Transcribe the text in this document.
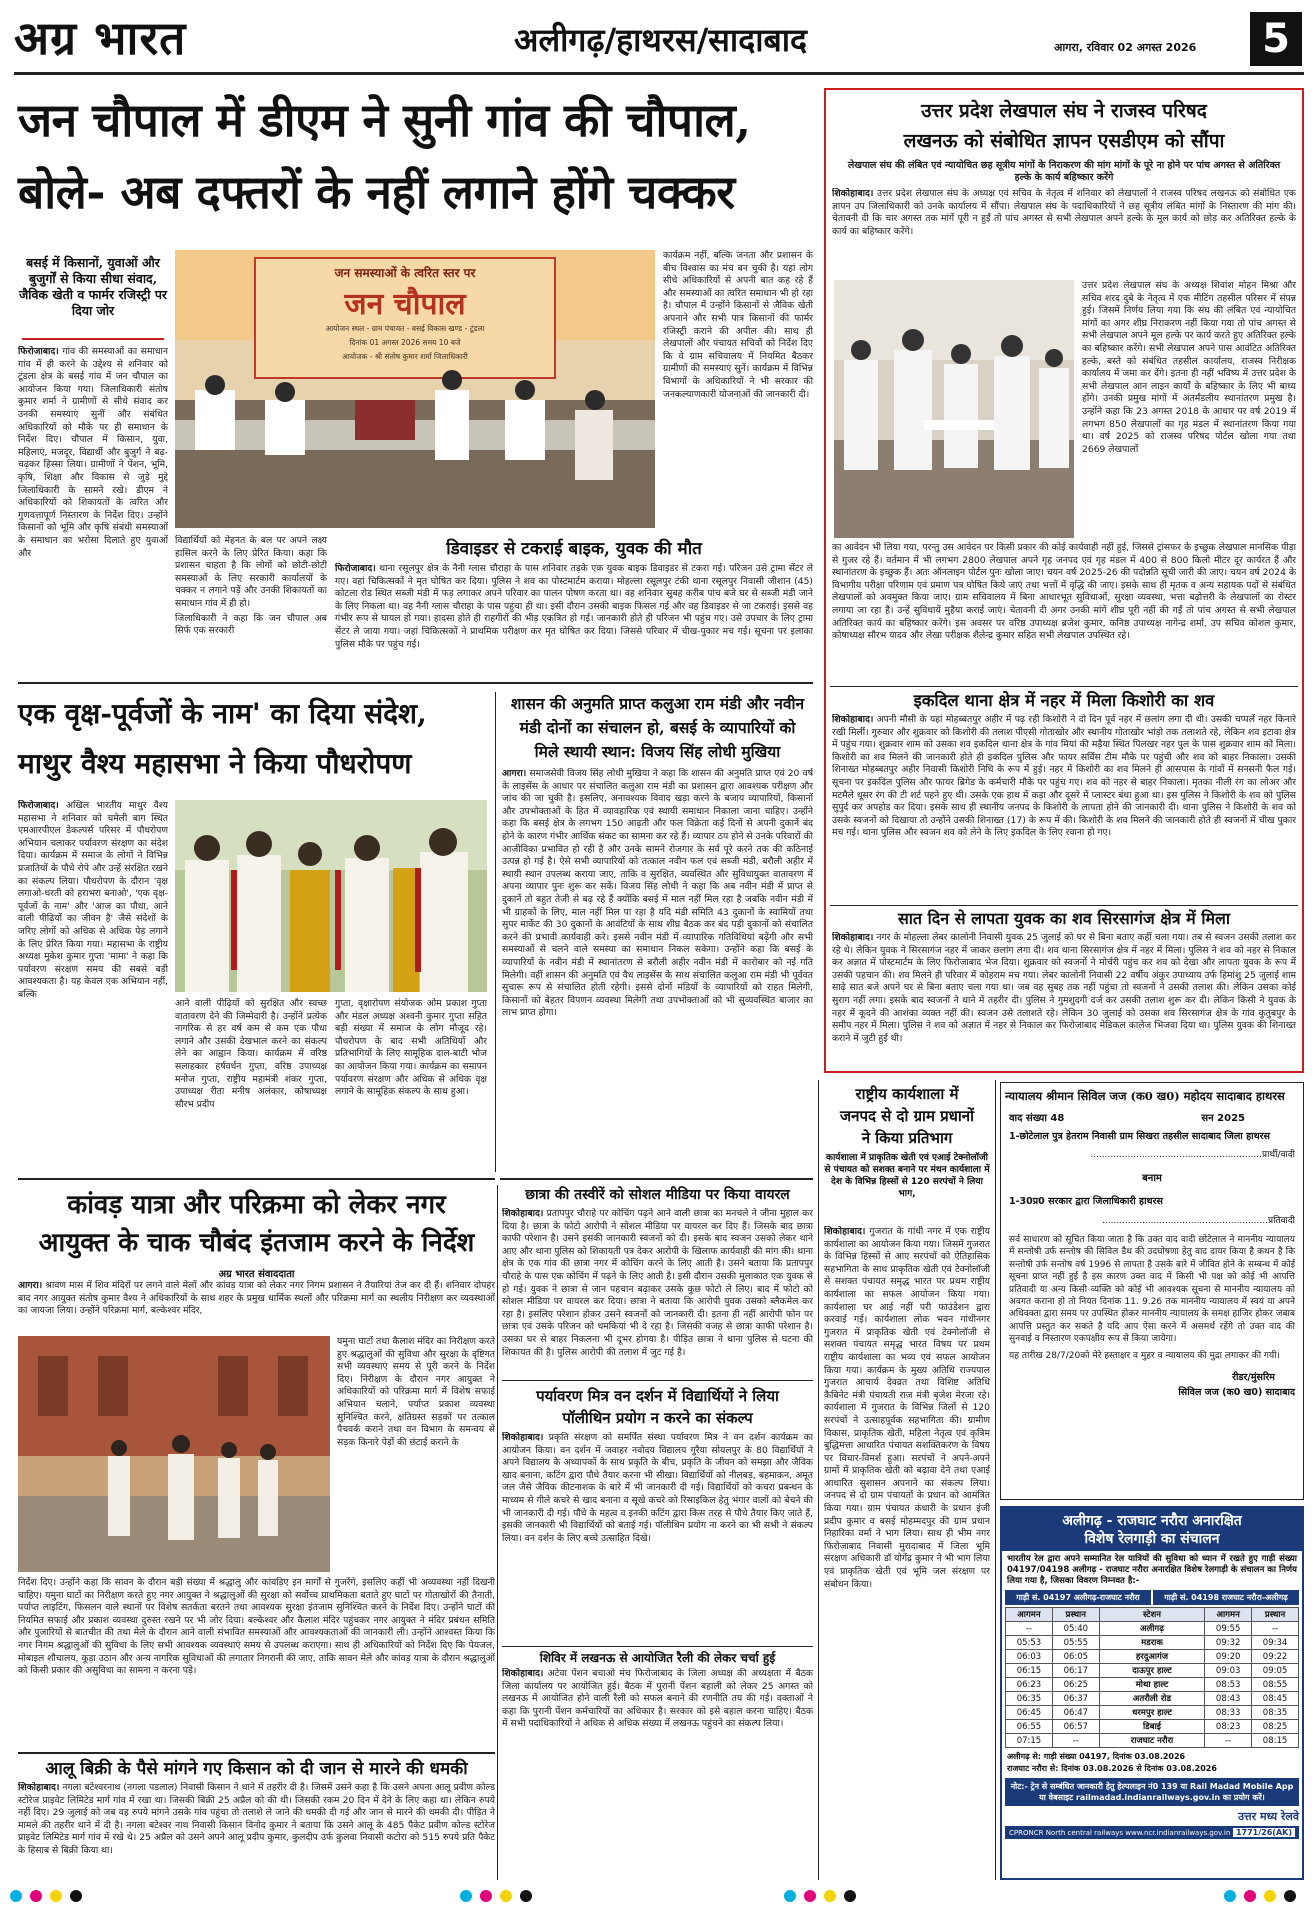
अग्र भारत	अलीगढ़/हाथरस/सादाबाद	आगरा, रविवार 02 अगस्त 2026	5
जन चौपाल में डीएम ने सुनी गांव की चौपाल,
बोले- अब दफ्तरों के नहीं लगाने होंगे चक्कर
बसई में किसानों, युवाओं और बुजुर्गों से किया सीधा संवाद, जैविक खेती व फार्मर रजिस्ट्री पर दिया जोर

फिरोजाबाद। गांव की समस्याओं का समाधान गांव में ही करने के उद्देश्य से शनिवार को टूंडला क्षेत्र के बसई गांव में जन चौपाल का आयोजन किया गया। जिलाधिकारी संतोष कुमार शर्मा ने ग्रामीणों से सीधे संवाद कर उनकी समस्याएं सुनीं और संबंधित अधिकारियों को मौके पर ही समाधान के निर्देश दिए। चौपाल में किसान, युवा, महिलाएं, मजदूर, विद्यार्थी और बुजुर्ग ने बढ़-चढ़कर हिस्सा लिया। ग्रामीणों ने पेंशन, भूमि, कृषि, शिक्षा और विकास से जुड़े मुद्दे जिलाधिकारी के सामने रखे। डीएम ने अधिकारियों को शिकायतों के त्वरित और गुणवत्तापूर्ण निस्तारण के निर्देश दिए। उन्होंने किसानों को भूमि और कृषि संबंधी समस्याओं के समाधान का भरोसा दिलाते हुए युवाओं और

जन समस्याओं के त्वरित स्तर पर
जन चौपाल
आयोजन स्थल - ग्राम पंचायत - बसई विकास खण्ड - टूंडला
दिनांक 01 अगस्त 2026 समय 10 बजे
आयोजक - श्री संतोष कुमार शर्मा जिलाधिकारी

विद्यार्थियों को मेहनत के बल पर अपने लक्ष्य हासिल करने के लिए प्रेरित किया। कहा कि प्रशासन चाहता है कि लोगों को छोटी-छोटी समस्याओं के लिए सरकारी कार्यालयों के चक्कर न लगाने पड़ें और उनकी शिकायतों का समाधान गांव में ही हो।

जिलाधिकारी ने कहा कि जन चौपाल अब सिर्फ एक सरकारी

कार्यक्रम नहीं, बल्कि जनता और प्रशासन के बीच विश्वास का मंच बन चुकी है। यहां लोग सीधे अधिकारियों से अपनी बात कह रहे हैं और समस्याओं का त्वरित समाधान भी हो रहा है। चौपाल में उन्होंने किसानों से जैविक खेती अपनाने और सभी पात्र किसानों की फार्मर रजिस्ट्री कराने की अपील की। साथ ही लेखपालों और पंचायत सचिवों को निर्देश दिए कि वे ग्राम सचिवालय में नियमित बैठकर ग्रामीणों की समस्याएं सुनें। कार्यक्रम में विभिन्न विभागों के अधिकारियों ने भी सरकार की जनकल्याणकारी योजनाओं की जानकारी दी।

डिवाइडर से टकराई बाइक, युवक की मौत

फिरोजाबाद। थाना रसूलपुर क्षेत्र के नैनी ग्लास चौराहा के पास शनिवार तड़के एक युवक बाइक डिवाइडर से टकरा गई। परिजन उसे ट्रामा सेंटर ले गए। वहां चिकित्सकों ने मृत घोषित कर दिया। पुलिस ने शव का पोस्टमार्टम कराया। मोहल्ला रसूलपुर टंकी थाना रसूलपुर निवासी जीशान (45) कोटला रोड स्थित सब्जी मंडी में फड़ लगाकर अपने परिवार का पालन पोषण करता था। वह शनिवार सुबह करीब पांच बजे घर से सब्जी मंडी जाने के लिए निकला था। वह नैनी ग्लास चौराहा के पास पहुंचा ही था। इसी दौरान उसकी बाइक फिसल गई और वह डिवाइडर से जा टकराई। इससे वह गंभीर रूप से घायल हो गया। हादसा होते ही राहगीरों की भीड़ एकत्रित हो गई। जानकारी होते ही परिजन भी पहुंच गए। उसे उपचार के लिए ट्रामा सेंटर ले जाया गया। जहां चिकित्सकों ने प्राथमिक परीक्षण कर मृत घोषित कर दिया। जिससे परिवार में चीख-पुकार मच गई। सूचना पर इलाका पुलिस मौके पर पहुंच गई।

एक वृक्ष-पूर्वजों के नाम' का दिया संदेश,
माथुर वैश्य महासभा ने किया पौधरोपण

फिरोजाबाद। अखिल भारतीय माथुर वैश्य महासभा ने शनिवार को चमेली बाग स्थित एमआरपीएल डेकल्पर्स परिसर में पौधरोपण अभियान चलाकर पर्यावरण संरक्षण का संदेश दिया। कार्यक्रम में समाज के लोगों ने विभिन्न प्रजातियों के पौधे रोपे और उन्हें संरक्षित रखने का संकल्प लिया। पौधरोपण के दौरान 'वृक्ष लगाओ-धरती को हराभरा बनाओ', 'एक वृक्ष-पूर्वजों के नाम' और 'आज का पौधा, आने वाली पीढ़ियों का जीवन है' जैसे संदेशों के जरिए लोगों को अधिक से अधिक पेड़ लगाने के लिए प्रेरित किया गया। महासभा के राष्ट्रीय अध्यक्ष मुकेश कुमार गुप्ता 'मामा' ने कहा कि पर्यावरण संरक्षण समय की सबसे बड़ी आवश्यकता है। यह केवल एक अभियान नहीं, बल्कि

आने वाली पीढ़ियों को सुरक्षित और स्वच्छ वातावरण देने की जिम्मेदारी है। उन्होंने प्रत्येक नागरिक से हर वर्ष कम से कम एक पौधा लगाने और उसकी देखभाल करने का संकल्प लेने का आह्वान किया। कार्यक्रम में वरिष्ठ सलाहकार हर्षवर्धन गुप्ता, वरिष्ठ उपाध्यक्ष मनोज गुप्ता, राष्ट्रीय महामंत्री शंकर गुप्ता, उपाध्यक्ष रीता मनीष अलंकार, कोषाध्यक्ष सौरभ प्रदीप

गुप्ता, वृक्षारोपण संयोजक ओम प्रकाश गुप्ता और मंडल अध्यक्ष अश्वनी कुमार गुप्ता सहित बड़ी संख्या में समाज के लोग मौजूद रहे। पौधरोपण के बाद सभी अतिथियों और प्रतिभागियों के लिए सामूहिक दाल-बाटी भोज का आयोजन किया गया। कार्यक्रम का समापन पर्यावरण संरक्षण और अधिक से अधिक वृक्ष लगाने के सामूहिक संकल्प के साथ हुआ।

शासन की अनुमति प्राप्त कलुआ राम मंडी और नवीन
मंडी दोनों का संचालन हो, बसई के व्यापारियों को
मिले स्थायी स्थान: विजय सिंह लोधी मुखिया

आगरा। समाजसेवी विजय सिंह लोधी मुखिया ने कहा कि शासन की अनुमति प्राप्त एवं 20 वर्ष के लाइसेंस के आधार पर संचालित कलुआ राम मंडी का प्रशासन द्वारा आवश्यक परीक्षण और जांच की जा चुकी है। इसलिए, अनावश्यक विवाद खड़ा करने के बजाय व्यापारियों, किसानों और उपभोक्ताओं के हित में व्यावहारिक एवं स्थायी समाधान निकाला जाना चाहिए। उन्होंने कहा कि बसई क्षेत्र के लगभग 150 आढ़ती और फल विक्रेता कई दिनों से अपनी दुकानें बंद होने के कारण गंभीर आर्थिक संकट का सामना कर रहे हैं। व्यापार ठप होने से उनके परिवारों की आजीविका प्रभावित हो रही है और उनके सामने रोजगार के सर्व पूरे करने तक की कठिनाई उत्पन्न हो गई है। ऐसे सभी व्यापारियों को तत्काल नवीन फल एवं सब्जी मंडी, बरौली अहीर में स्थायी स्थान उपलब्ध कराया जाए, ताकि व सुरक्षित, व्यवस्थित और सुविधायुक्त वातावरण में अपना व्यापार पुनः शुरू कर सकें। विजय सिंह लोधी ने कहा कि अब नवीन मंडी में प्राप्त से दुकानें तो बहुत तेजी से बढ़ रहे हैं क्योंकि बसई में माल नहीं मिल रहा है जबकि नवीन मंडी में भी ग्राहकों के लिए, माल नहीं मिल पा रहा है यदि मंडी समिति 43 दुकानों के स्वामियों तथा सुपर मार्केट की 30 दुकानों के आवंटियों के साथ शीघ्र बैठक कर बंद पड़ी दुकानों को संचालित करने की प्रभावी कार्यवाही करे। इससे नवीन मंडी में व्यापारिक गतिविधियां बढ़ेंगी और सभी समस्याओं से चलने वाले समस्या का समाधान निकल सकेगा। उन्होंने कहा कि बसई के व्यापारियों के नवीन मंडी में स्थानांतरण से बरौली अहीर नवीन मंडी में कारोबार को नई गति मिलेगी। वहीं शासन की अनुमति एवं वैध लाइसेंस के साथ संचालित कलुआ राम मंडी भी पूर्ववत सुचारू रूप से संचालित होती रहेगी। इससे दोनों मंडियों के व्यापारियों को राहत मिलेगी, किसानों को बेहतर विपणन व्यवस्था मिलेगी तथा उपभोक्ताओं को भी सुव्यवस्थित बाजार का लाभ प्राप्त होगा।

कांवड़ यात्रा और परिक्रमा को लेकर नगर
आयुक्त के चाक चौबंद इंतजाम करने के निर्देश
अग्र भारत संवाददाता

आगरा। श्रावण मास में शिव मंदिरों पर लगने वाले मेलों और कांवड़ यात्रा को लेकर नगर निगम प्रशासन ने तैयारियां तेज कर दी हैं। शनिवार दोपहर बाद नगर आयुक्त संतोष कुमार वैश्य ने अधिकारियों के साथ शहर के प्रमुख धार्मिक स्थलों और परिक्रमा मार्ग का स्थलीय निरीक्षण कर व्यवस्थाओं का जायजा लिया। उन्होंने परिक्रमा मार्ग, बल्केश्वर मंदिर,

यमुना घाटों तथा कैलाश मंदिर का निरीक्षण करते हुए श्रद्धालुओं की सुविधा और सुरक्षा के दृष्टिगत सभी व्यवस्थाएं समय से पूरी करने के निर्देश दिए। निरीक्षण के दौरान नगर आयुक्त ने अधिकारियों को परिक्रमा मार्ग में विशेष सफाई अभियान चलाने, पर्याप्त प्रकाश व्यवस्था सुनिश्चित करने, क्षतिग्रस्त सड़कों पर तत्काल पैचवर्क कराने तथा वन विभाग के समन्वय से सड़क किनारे पेड़ों की छंटाई कराने के

निर्देश दिए। उन्होंने कहा कि सावन के दौरान बड़ी संख्या में श्रद्धालु और कांवड़िए इन मार्गों से गुजरेंगे, इसलिए कहीं भी अव्यवस्था नहीं दिखनी चाहिए। यमुना घाटों का निरीक्षण करते हुए नगर आयुक्त ने श्रद्धालुओं की सुरक्षा को सर्वोच्च प्राथमिकता बताते हुए घाटों पर गोताखोरों की तैनाती, पर्याप्त लाइटिंग, फिसलन वाले स्थानों पर विशेष सतर्कता बरतने तथा आवश्यक सुरक्षा इंतजाम सुनिश्चित करने के निर्देश दिए। उन्होंने घाटों की नियमित सफाई और प्रकाश व्यवस्था दुरुस्त रखने पर भी जोर दिया। बल्केश्वर और कैलाश मंदिर पहुंचकर नगर आयुक्त ने मंदिर प्रबंधन समिति और पुजारियों से बातचीत की तथा मेले के दौरान आने वाली संभावित समस्याओं और आवश्यकताओं की जानकारी ली। उन्होंने आश्वस्त किया कि नगर निगम श्रद्धालुओं की सुविधा के लिए सभी आवश्यक व्यवस्थाएं समय से उपलब्ध कराएगा। साथ ही अधिकारियों को निर्देश दिए कि पेयजल, मोबाइल शौचालय, कूड़ा उठान और अन्य नागरिक सुविधाओं की लगातार निगरानी की जाए, ताकि सावन मेले और कांवड़ यात्रा के दौरान श्रद्धालुओं को किसी प्रकार की असुविधा का सामना न करना पड़े।

आलू बिक्री के पैसे मांगने गए किसान को दी जान से मारने की धमकी

शिकोहाबाद। नगला बटेश्वरनाथ (नगला पडलाल) निवासी किसान ने थाने में तहरीर दी है। जिसमें उसने कहा है कि उसने अपना आलू प्रवीण कोल्ड स्टोरेज प्राइवेट लिमिटेड मार्ग गांव में रखा था। जिसकी बिक्री 25 अप्रैल को की थी। जिसकी रकम 20 दिन में देने के लिए कहा था। लेकिन रुपये नहीं दिए। 29 जुलाई को जब वह रुपये मांगने उसके गांव पहुंचा तो तलाशे ले जाने की धमकी दी गई और जान से मारने की धमकी दी। पीड़ित ने मामले की तहरीर थाने में दी है। नगला बटेश्वर नाथ निवासी किसान विनोद कुमार ने बताया कि उसने आलू के 485 पैकेट प्रवीण कोल्ड स्टोरेज प्राइवेट लिमिटेड मार्ग गांव में रखे थे। 25 अप्रैल को उसने अपने आलू प्रदीप कुमार, कुलदीप उर्फ कुलवा निवासी कटोरा को 515 रुपये प्रति पैकेट के हिसाब से बिक्री किया था।

छात्रा की तस्वीरें को सोशल मीडिया पर किया वायरल

शिकोहाबाद। प्रतापपुर चौराहे पर कोचिंग पढ़ने आने वाली छात्रा का मनचले ने जीना मुहाल कर दिया है। छात्रा के फोटो आरोपी ने सोशल मीडिया पर वायरल कर दिए हैं। जिसके बाद छात्रा काफी परेशान है। उसने इसकी जानकारी स्वजनों को दी। इसके बाद स्वजन उसको लेकर थाने आए और थाना पुलिस को शिकायती पत्र देकर आरोपी के खिलाफ कार्यवाही की मांग की। थाना क्षेत्र के एक गांव की छात्रा नगर में कोचिंग करने के लिए आती है। उसने बताया कि प्रतापपुर चौराहे के पास एक कोचिंग में पढ़ने के लिए आती है। इसी दौरान उसकी मुलाकात एक युवक से हो गई। युवक ने छात्रा से जान पहचान बढ़ाकर उसके कुछ फोटो ले लिए। बाद में फोटो को सोशल मीडिया पर वायरल कर दिया। छात्रा ने बताया कि आरोपी युवक उसको ब्लैकमेल कर रहा है। इसलिए परेशान होकर उसने स्वजनों को जानकारी दी। इतना ही नहीं आरोपी फोन पर छात्रा एवं उसके परिजन को धमकियां भी दे रहा है। जिसकी वजह से छात्रा काफी परेशान है। उसका घर से बाहर निकलना भी दूभर होगया है। पीड़ित छात्रा ने थाना पुलिस से घटना की शिकायत की है। पुलिस आरोपी की तलाश में जुट गई है।

पर्यावरण मित्र वन दर्शन में विद्यार्थियों ने लिया
पॉलीथिन प्रयोग न करने का संकल्प

शिकोहाबाद। प्रकृति संरक्षण को समर्पित संस्था पर्यावरण मित्र ने वन दर्शन कार्यक्रम का आयोजन किया। वन दर्शन में जवाहर नवोदय विद्यालय गुरैया सोयलपुर के 80 विद्यार्थियों ने अपने विद्यालय के अध्यापकों के साथ प्रकृति के बीच, प्रकृति के जीवन को समझा और जैविक खाद बनाना, कटिंग द्वारा पौधे तैयार करना भी सीखा। विद्यार्थियों को नीलबड़, बहमाकन, अमूत जल जैसे जैविक कीटनाशक के बारे में भी जानकारी दी गई। विद्यार्थियों को कचरा प्रबन्धन के माध्यम से गीले कचरे से खाद बनाना व सूखे कचरे को रिसाइकिल हेतु भंगार वालों को बेचने की भी जानकारी दी गई। पौधे के महत्व व इनकी कटिंग द्वारा किस तरह से पौधे तैयार किए जाते हैं, इसकी जानकारी भी विद्यार्थियों को बताई गई। पॉलीथिन प्रयोग ना करने का भी सभी ने संकल्प लिया। वन दर्शन के लिए बच्चे उत्साहित दिखे।

शिविर में लखनऊ से आयोजित रैली की लेकर चर्चा हुई

शिकोहाबाद। अटेवा पेंशन बचाओ मंच फिरोजाबाद के जिला अध्यक्ष की अध्यक्षता में बैठक जिला कार्यालय पर आयोजित हुई। बैठक में पुरानी पेंशन बहाली को लेकर 25 अगस्त को लखनऊ में आयोजित होने वाली रैली को सफल बनाने की रणनीति तय की गई। वक्ताओं ने कहा कि पुरानी पेंशन कर्मचारियों का अधिकार है। सरकार को इसे बहाल करना चाहिए। बैठक में सभी पदाधिकारियों ने अधिक से अधिक संख्या में लखनऊ पहुंचने का संकल्प लिया।

उत्तर प्रदेश लेखपाल संघ ने राजस्व परिषद
लखनऊ को संबोधित ज्ञापन एसडीएम को सौंपा
लेखपाल संघ की लंबित एवं न्यायोचित छह सूत्रीय मांगों के निराकरण की मांग मांगों के पूरे ना होने पर पांच अगस्त से अतिरिक्त हल्के के कार्य बहिष्कार करेंगे

शिकोहाबाद। उत्तर प्रदेश लेखपाल संघ के अध्यक्ष एवं सचिव के नेतृत्व में शनिवार को लेखपालों ने राजस्व परिषद लखनऊ को संबोधित एक ज्ञापन उप जिलाधिकारी को उनके कार्यालय में सौंपा। लेखपाल संघ के पदाधिकारियों ने छह सूत्रीय लंबित मांगों के निस्तारण की मांग की। चेतावनी दी कि चार अगस्त तक मांगें पूरी न हुईं तो पांच अगस्त से सभी लेखपाल अपने हल्के के मूल कार्य को छोड़ कर अतिरिक्त हल्के के कार्य का बहिष्कार करेंगे।

उत्तर प्रदेश लेखपाल संघ के अध्यक्ष शिवांश मोहन मिश्रा और सचिव शरद दुबे के नेतृत्व में एक मीटिंग तहसील परिसर में संपन्न हुई। जिसमें निर्णय लिया गया कि संघ की लंबित एवं न्यायोचित मांगों का अगर शीघ्र निराकरण नहीं किया गया तो पांच अगस्त से सभी लेखपाल अपने मूल हल्के पर कार्य करते हुए अतिरिक्त हल्के का बहिष्कार करेंगे। सभी लेखपाल अपने पास आवंटित अतिरिक्त हल्के, बस्ते को संबंधित तहसील कार्यालय, राजस्व निरीक्षक कार्यालय में जमा कर देंगे। इतना ही नहीं भविष्य में उत्तर प्रदेश के सभी लेखपाल आन लाइन कार्यों के बहिष्कार के लिए भी बाध्य होंगे। उनकी प्रमुख मांगों में अंतर्मंडलीय स्थानांतरण प्रमुख है। उन्होंने कहा कि 23 अगस्त 2018 के आधार पर वर्ष 2019 में लगभग 850 लेखपालों का गृह मंडल में स्थानांतरण किया गया था। वर्ष 2025 को राजस्व परिषद पोर्टल खोला गया तथा 2669 लेखपालों

का आवेदन भी लिया गया, परन्तु उस आवेदन पर किसी प्रकार की कोई कार्यवाही नहीं हुई, जिससे ट्रांसफर के इच्छुक लेखपाल मानसिक पीड़ा से गुजर रहे हैं। वर्तमान में भी लगभग 2800 लेखपाल अपने गृह जनपद एवं गृह मंडल में 400 से 800 किलो मीटर दूर कार्यरत हैं और स्थानांतरण के इच्छुक हैं। अतः ऑनलाइन पोर्टल पुनः खोला जाए। चयन वर्ष 2025-26 की पदोन्नति सूची जारी की जाए। चयन वर्ष 2024 के विभागीय परीक्षा परिणाम एवं प्रमाण पत्र घोषित किये जाएं तथा भत्तों में वृद्धि की जाए। इसके साथ ही मृतक व अन्य सहायक पदों से संबंधित लेखपालों को अवमुक्त किया जाए। ग्राम सचिवालय में बिना आधारभूत सुविधाओं, सुरक्षा व्यवस्था, भत्ता बढ़ोत्तरी के लेखपालों का रोस्टर लगाया जा रहा है। उन्हें सुविधायें मुहैया कराई जाएं। चेतावनी दी अगर उनकी मांगें शीघ्र पूरी नहीं की गईं तो पांच अगस्त से सभी लेखपाल अतिरिक्त कार्य का बहिष्कार करेंगे। इस अवसर पर वरिष्ठ उपाध्यक्ष ब्रजेश कुमार, कनिष्ठ उपाध्यक्ष नागेन्द्र शर्मा, उप सचिव कोशल कुमार, कोषाध्यक्ष सौरभ यादव और लेखा परीक्षक शैलेन्द्र कुमार सहित सभी लेखपाल उपस्थित रहे।

इकदिल थाना क्षेत्र में नहर में मिला किशोरी का शव

शिकोहाबाद। अपनी मौसी के यहां मोहब्बतपुर अहीर में पढ़ रही किशोरी ने दो दिन पूर्व नहर में छलांग लगा दी थी। उसकी चप्पलें नहर किनारे रखी मिलीं। गुरुवार और शुक्रवार को किशोरी की तलाश पीएसी गोताखोर और स्थानीय गोताखोर भांड़ो तक तलाशते रहे, लेकिन शव इटावा क्षेत्र में पहुंच गया। शुक्रवार शाम को उसका शव इकदिल थाना क्षेत्र के गांव मियां की मड़ैया स्थित पिलखर नहर पुल के पास शुक्रवार शाम को मिला। किशोरी का शव मिलने की जानकारी होते ही इकदिल पुलिस और फायर सर्विस टीम मौके पर पहुंची और शव को बाहर निकाला। उसकी शिनाख्त मोहब्बतपुर अहीर निवासी किशोरी निधि के रूप में हुई। नहर में किशोरी का शव मिलने ही आसपास के गांवों में सनसनी फैल गई। सूचना पर इकदिल पुलिस और फायर ब्रिगेड के कर्मचारी मौके पर पहुंच गए। शव को नहर से बाहर निकाला। मृतका नीली रंग का लोअर और मटमैले धूसर रंग की टी शर्ट पहने हुए थी। उसके एक हाथ में कड़ा और दूसरे में प्लास्टर बंधा हुआ था। इस पुलिस ने किशोरी के शव को पुलिस सुपुर्द कर अपहोड कर दिया। इसके साथ ही स्थानीय जनपद के किशोरी के लापता होने की जानकारी दी। थाना पुलिस ने किशोरी के शव को उसके स्वजनों को दिखाया तो उन्होंने उसकी शिनाख्त (17) के रूप में की। किशोरी के शव मिलने की जानकारी होते ही स्वजनों में चीख पुकार मच गई। थाना पुलिस और स्वजन शव को लेने के लिए इकदिल के लिए रवाना हो गए।

सात दिन से लापता युवक का शव सिरसागंज क्षेत्र में मिला

शिकोहाबाद। नगर के मोहल्ला लेबर कालोनी निवासी युवक 25 जुलाई को घर से बिना बताए कहीं चला गया। तब से स्वजन उसकी तलाश कर रहे थे। लेकिन युवक ने सिरसागंज नहर में जाकर छलांग लगा दी। शव थाना सिरसागंज क्षेत्र में नहर में मिला। पुलिस ने शव को नहर से निकाल कर अज्ञात में पोस्टमार्टम के लिए फिरोजाबाद भेज दिया। शुक्रवार को स्वजनों ने मोर्चरी पहुंच कर शव को देखा और लापता युवक के रूप में उसकी पहचान की। शव मिलने ही परिवार में कोहराम मच गया। लेबर कालोनी निवासी 22 वर्षीय अंकुर उपाध्याय उर्फ हिमांशु 25 जुलाई शाम साढ़े सात बजे अपने घर से बिना बताए चला गया था। जब वह सुबह तक नहीं पहुंचा तो स्वजनों ने उसकी तलाश की। लेकिन उसका कोई सुराग नहीं लगा। इसके बाद स्वजनों ने थाने में तहरीर दी। पुलिस ने गुमशुदगी दर्ज कर उसकी तलाश शुरू कर दी। लेकिन किसी ने युवक के नहर में कूदने की आशंका व्यक्त नहीं की। स्वजन उसे तलाशते रहे। लेकिन 30 जुलाई को उसका शव सिरसागंज क्षेत्र के गांव कुतुबपुर के समीप नहर में मिला। पुलिस ने शव को अज्ञात में नहर से निकाल कर फिरोजाबाद मेडिकल कालेज भिजवा दिया था। पुलिस युवक की शिनाख्त कराने में जुटी हुई थी।

राष्ट्रीय कार्यशाला में
जनपद से दो ग्राम प्रधानों
ने किया प्रतिभाग
कार्यशाला में प्राकृतिक खेती एवं एआई टेक्नोलॉजी से पंचायत को सशक्त बनाने पर मंथन कार्यशाला में देश के विभिन्न हिस्सों से 120 सरपंचों ने लिया भाग,

शिकोहाबाद। गुजरात के गांधी नगर में एक राष्ट्रीय कार्यशाला का आयोजन किया गया। जिसमें गुजरात के विभिन्न हिस्सों से आए सरपंचों को ऐतिहासिक सहभागिता के साथ प्राकृतिक खेती एवं टेक्नोलॉजी से सशक्त पंचायत समृद्ध भारत पर प्रथम राष्ट्रीय कार्यशाला का सफल आयोजन किया गया। कार्यशाला घर आई नहीं परी फाउंडेशन द्वारा करवाई गई। कार्यशाला लोक भवन गांधीनगर गुजरात में प्राकृतिक खेती एवं टेक्नोलॉजी से सशक्त पंचायत समृद्ध भारत विषय पर प्रथम राष्ट्रीय कार्यशाला का भव्य एवं सफल आयोजन किया गया। कार्यक्रम के मुख्य अतिथि राज्यपाल गुजरात आचार्य देवव्रत तथा विशिष्ट अतिथि कैबिनेट मंत्री पंचायती राज मंत्री बृजेश मेरजा रहे। कार्यशाला में गुजरात के विभिन्न जिलों से 120 सरपंचों ने उत्साहपूर्वक सहभागिता की। ग्रामीण विकास, प्राकृतिक खेती, महिला नेतृत्व एवं कृत्रिम बुद्धिमत्ता आधारित पंचायत सशक्तिकरण के विषय पर विचार-विमर्श हुआ। सरपंचों ने अपने-अपने ग्रामों में प्राकृतिक खेती को बढ़ावा देने तथा एआई आधारित सुशासन अपनाने का संकल्प लिया। जनपद से दो ग्राम पंचायतों के प्रधान को आमंत्रित किया गया। ग्राम पंचायत कंधारी के प्रधान इंजी प्रदीप कुमार व बसई मोहम्मदपुर की ग्राम प्रधान निहारिका वर्मा ने भाग लिया। साथ ही भीम नगर फिरोजाबाद निवासी मुरादाबाद में जिला भूमि संरक्षण अधिकारी डॉ योगेंद्र कुमार ने भी भाग लिया एवं प्राकृतिक खेती एवं भूमि जल संरक्षण पर संबोधन किया।

न्यायालय श्रीमान सिविल जज (क0 ख0) महोदय सादाबाद हाथरस
वाद संख्या 48	सन 2025
1-छोटेलाल पुत्र हेतराम निवासी ग्राम सिखरा तहसील सादाबाद जिला हाथरस
............................................................प्रार्थी/वादी
बनाम
1-30प्र0 सरकार द्वारा जिलाधिकारी हाथरस
..........................................................प्रतिवादी

सर्व साधारण को सूचित किया जाता है कि उक्त वाद वादी छोटेलाल ने माननीय न्यायालय में सन्तोषी उर्फ सन्तोष की सिविल डैथ की उदघोषणा हेतु वाद दायर किया है कथन है कि सन्तोषी उर्फ सन्तोष वर्ष 1996 से लापता है उसके बारे में जीवित होने के सम्बन्ध में कोई सूचना प्राप्त नहीं हुई है इस कारण उक्त वाद में किसी भी पक्ष को कोई भी आपत्ति प्रतिवादी या अन्य किसी व्यक्ति को कोई भी आवश्यक सूचना से माननीय न्यायालय को अवगत कराना हो तो नियत दिनांक 11. 9.26 तक माननीय न्यायालय में स्वयं या अपने अधिवक्ता द्वारा समय पर उपस्थित होकर माननीय न्यायालय के समक्ष हाजिर होकर जबाब आपत्ति प्रस्तुत कर सकते है यदि आप ऐसा करने में असमर्थ रहेंगे तो उक्त वाद की सुनवाई व निस्तारण एकपक्षीय रूप से किया जायेगा।

यह तारीख 28/7/20को मेरे हस्ताक्षर व मुहर व न्यायालय की मुद्रा लगाकर की गयी।

रीडर/मुंसरिम
सिविल जज (क0 ख0) सादाबाद
अलीगढ़ - राजघाट नरौरा अनारक्षित
विशेष रेलगाड़ी का संचालन
भारतीय रेल द्वारा अपने सम्मानित रेल यात्रियों की सुविधा को ध्यान में रखते हुए गाड़ी संख्या 04197/04198 अलीगढ़ - राजघाट नरौरा अनारक्षित विशेष रेलगाड़ी के संचालन का निर्णय लिया गया है, जिसका विवरण निम्नवत है:-
गाड़ी सं. 04197 अलीगढ़-राजघाट नरौरा	गाड़ी सं. 04198 राजघाट नरौरा-अलीगढ़
आगमन	प्रस्थान	स्टेशन	आगमन	प्रस्थान
--	05:40	अलीगढ़	09:55	--
05:53	05:55	मडराक	09:32	09:34
06:03	06:05	हरदुआगंज	09:20	09:22
06:15	06:17	दाऊपुर हाल्ट	09:03	09:05
06:23	06:25	मोथा हाल्ट	08:53	08:55
06:35	06:37	अतरौली रोड	08:43	08:45
06:45	06:47	धरमपुर हाल्ट	08:33	08:35
06:55	06:57	डिबाई	08:23	08:25
07:15	--	राजघाट नरौरा	--	08:15
अलीगढ़ से: गाड़ी संख्या 04197, दिनांक 03.08.2026
राजघाट नरौरा से: दिनांक 03.08.2026 से दिनांक 03.08.2026
नोट:- ट्रेन से सम्बंधित जानकारी हेतु हेल्पलाइन नं0 139 या Rail Madad Mobile App या वेबसाइट railmadad.indianrailways.gov.in का प्रयोग करें।
उत्तर मध्य रेलवे
CPRONCR North central railways www.ncr.indianrailways.gov.in 1771/26(AK)
